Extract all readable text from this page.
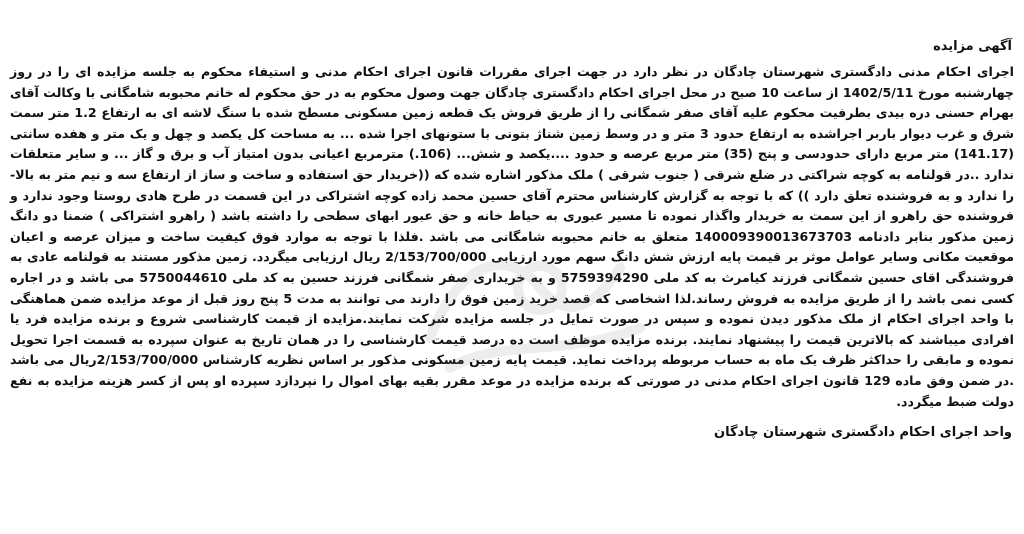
آگهی مزایده

اجرای احکام مدنی دادگستری شهرستان چادگان در نظر دارد در جهت اجرای مقررات قانون اجرای احکام مدنی و استیفاء محکوم به جلسه مزایده ای را در روز چهارشنبه مورخ 1402/5/11 از ساعت 10 صبح در محل اجرای احکام دادگستری چادگان جهت وصول محکوم به در حق محکوم له خانم محبوبه شامگانی با وکالت آقای بهرام حسنی دره بیدی بطرفیت محکوم علیه آقای صفر شمگانی را از طریق فروش یک قطعه زمین مسکونی مسطح شده با سنگ لاشه ای به ارتفاع 1.2 متر سمت شرق و غرب دیوار باربر اجراشده به ارتفاع حدود 3 متر و در وسط زمین شناژ بتونی با ستونهای اجرا شده ... به مساحت کل یکصد و چهل و یک متر و هفده سانتی (141.17) متر مربع دارای حدودسی و پنج (35) متر مربع عرصه و حدود ....یکصد و شش... (106.) مترمربع اعیانی بدون امتیاز آب و برق و گاز ... و سایر متعلقات ندارد ..در قولنامه به کوچه شراکتی در ضلع شرقی ( جنوب شرقی ) ملک مذکور اشاره شده که ((خریدار حق استفاده و ساخت و ساز از ارتفاع سه و نیم متر به بالا-را ندارد و به فروشنده تعلق دارد )) که با توجه به گزارش کارشناس محترم آقای حسین محمد زاده کوچه اشتراکی در این قسمت در طرح هادی روستا وجود ندارد و فروشنده حق راهرو از این سمت به خریدار واگذار نموده تا مسیر عبوری به حیاط خانه و حق عبور ابهای سطحی را داشته باشد ( راهرو اشتراکی ) ضمنا دو دانگ زمین مذکور بنابر دادنامه 140009390013673703 متعلق به خانم محبوبه شامگانی می باشد .فلذا با توجه به موارد فوق کیفیت ساخت و میزان عرصه و اعیان موقعیت مکانی وسایر عوامل موثر بر قیمت پایه ارزش شش دانگ سهم مورد ارزیابی 2/153/700/000 ریال ارزیابی میگردد. زمین مذکور مستند به قولنامه عادی به فروشندگی اقای حسین شمگانی فرزند کیامرث به کد ملی 5759394290 و به خریداری صفر شمگانی فرزند حسین به کد ملی 5750044610 می باشد و در اجاره کسی نمی باشد را از طریق مزایده به فروش رساند.لذا اشخاصی که قصد خرید زمین فوق را دارند می توانند به مدت 5 پنج روز قبل از موعد مزایده ضمن هماهنگی با واحد اجرای احکام از ملک مذکور دیدن نموده و سپس در صورت تمایل در جلسه مزایده شرکت نمایند.مزایده از قیمت کارشناسی شروع و برنده مزایده فرد یا افرادی میباشند که بالاترین قیمت را پیشنهاد نمایند. برنده مزایده موظف است ده درصد قیمت کارشناسی را در همان تاریخ به عنوان سپرده به قسمت اجرا تحویل نموده و مابقی را حداکثر ظرف یک ماه به حساب مربوطه پرداخت نماید. قیمت پایه زمین مسکونی مذکور بر اساس نظریه کارشناس 2/153/700/000ریال می باشد .در ضمن وفق ماده 129 قانون اجرای احکام مدنی در صورتی که برنده مزایده در موعد مقرر بقیه بهای اموال را نپردازد سپرده او پس از کسر هزینه مزایده به نفع دولت ضبط میگردد.

واحد اجرای احکام دادگستری شهرستان چادگان
